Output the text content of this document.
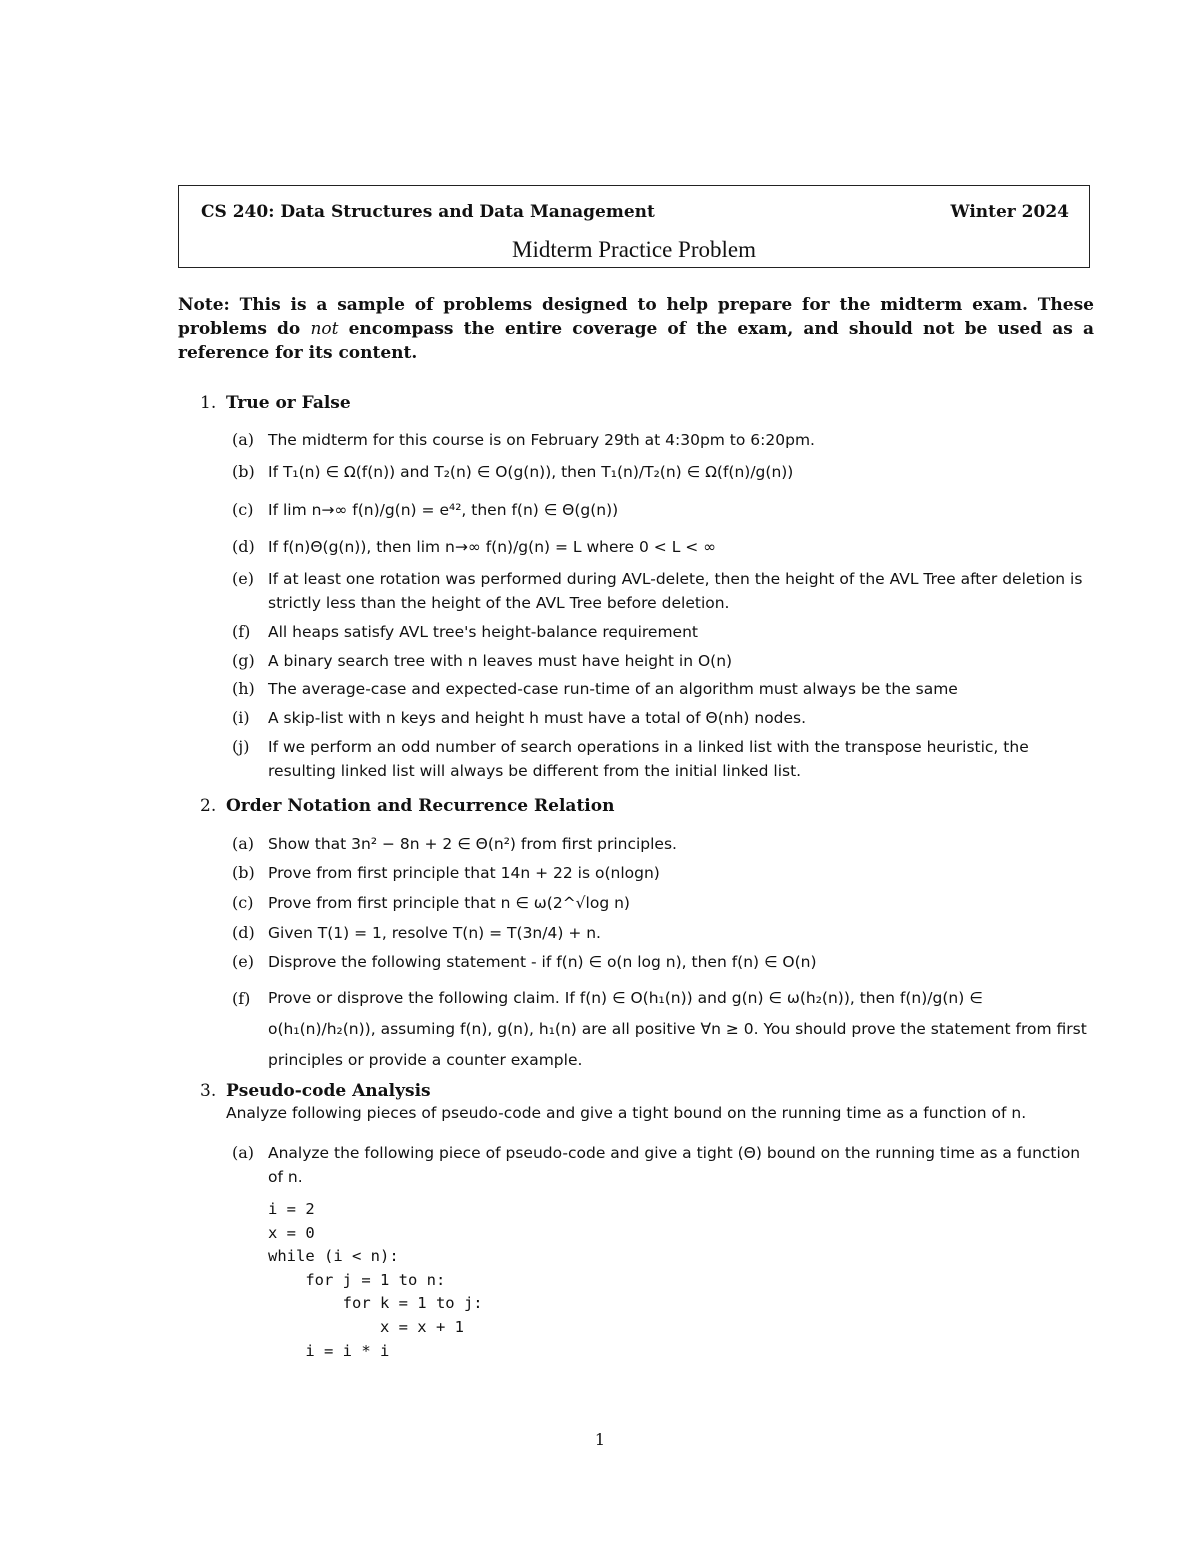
CS 240: Data Structures and Data Management	Winter 2024
Midterm Practice Problem
Note: This is a sample of problems designed to help prepare for the midterm exam. These problems do not encompass the entire coverage of the exam, and should not be used as a reference for its content.
1. True or False
(a) The midterm for this course is on February 29th at 4:30pm to 6:20pm.
(b) If T₁(n) ∈ Ω(f(n)) and T₂(n) ∈ O(g(n)), then T₁(n)/T₂(n) ∈ Ω(f(n)/g(n))
(c) If lim n→∞ f(n)/g(n) = e⁴², then f(n) ∈ Θ(g(n))
(d) If f(n)Θ(g(n)), then lim n→∞ f(n)/g(n) = L where 0 < L < ∞
(e) If at least one rotation was performed during AVL-delete, then the height of the AVL Tree after deletion is strictly less than the height of the AVL Tree before deletion.
(f)	All heaps satisfy AVL tree's height-balance requirement
(g) A binary search tree with n leaves must have height in O(n)
(h) The average-case and expected-case run-time of an algorithm must always be the same
(i)	A skip-list with n keys and height h must have a total of Θ(nh) nodes.
(j)	If we perform an odd number of search operations in a linked list with the transpose heuristic, the resulting linked list will always be different from the initial linked list.
2. Order Notation and Recurrence Relation
(a) Show that 3n² − 8n + 2 ∈ Θ(n²) from first principles.
(b) Prove from first principle that 14n + 22 is o(nlogn)
(c) Prove from first principle that n ∈ ω(2^√log n)
(d) Given T(1) = 1, resolve T(n) = T(3n/4) + n.
(e) Disprove the following statement - if f(n) ∈ o(n log n), then f(n) ∈ O(n)
(f)	Prove or disprove the following claim. If f(n) ∈ O(h₁(n)) and g(n) ∈ ω(h₂(n)), then f(n)/g(n) ∈ o(h₁(n)/h₂(n)), assuming f(n), g(n), h₁(n) are all positive ∀n ≥ 0. You should prove the statement from first principles or provide a counter example.
3. Pseudo-code Analysis
Analyze following pieces of pseudo-code and give a tight bound on the running time as a function of n.
(a) Analyze the following piece of pseudo-code and give a tight (Θ) bound on the running time as a function of n.
i = 2
x = 0
while (i < n):
for j = 1 to n:
for k = 1 to j:
x = x + 1
i = i * i
1
